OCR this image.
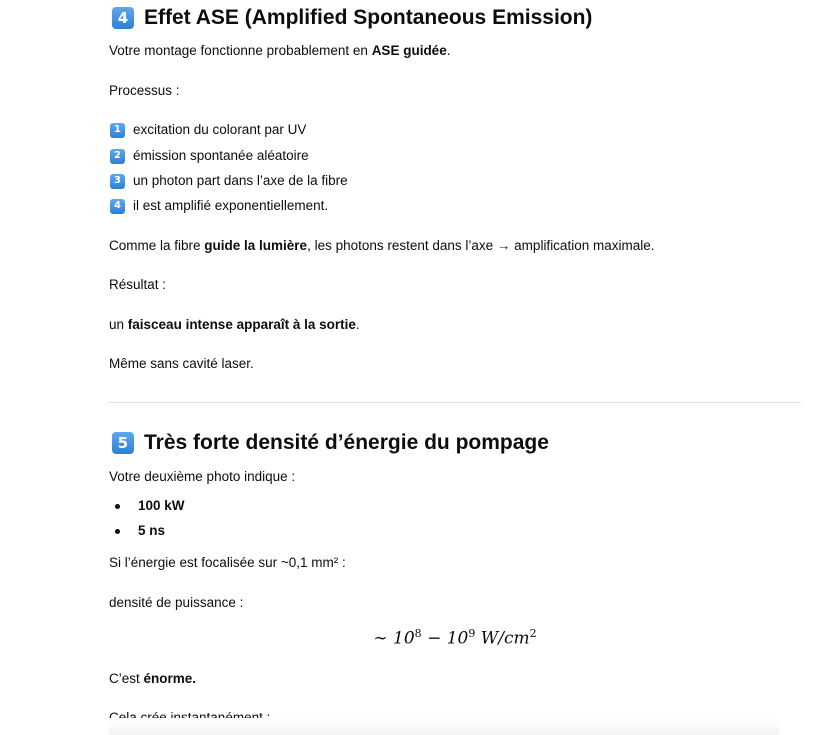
4 Effet ASE (Amplified Spontaneous Emission)

Votre montage fonctionne probablement en ASE guidée.

Processus :

1 excitation du colorant par UV
2 émission spontanée aléatoire
3 un photon part dans l’axe de la fibre
4 il est amplifié exponentiellement.

Comme la fibre guide la lumière, les photons restent dans l’axe → amplification maximale.

Résultat :

un faisceau intense apparaît à la sortie.

Même sans cavité laser.

5 Très forte densité d’énergie du pompage

Votre deuxième photo indique :

100 kW

5 ns

Si l’énergie est focalisée sur ~0,1 mm² :

densité de puissance :

∼ $10^8 - 10^9$ $W/cm^2$

C’est énorme.
